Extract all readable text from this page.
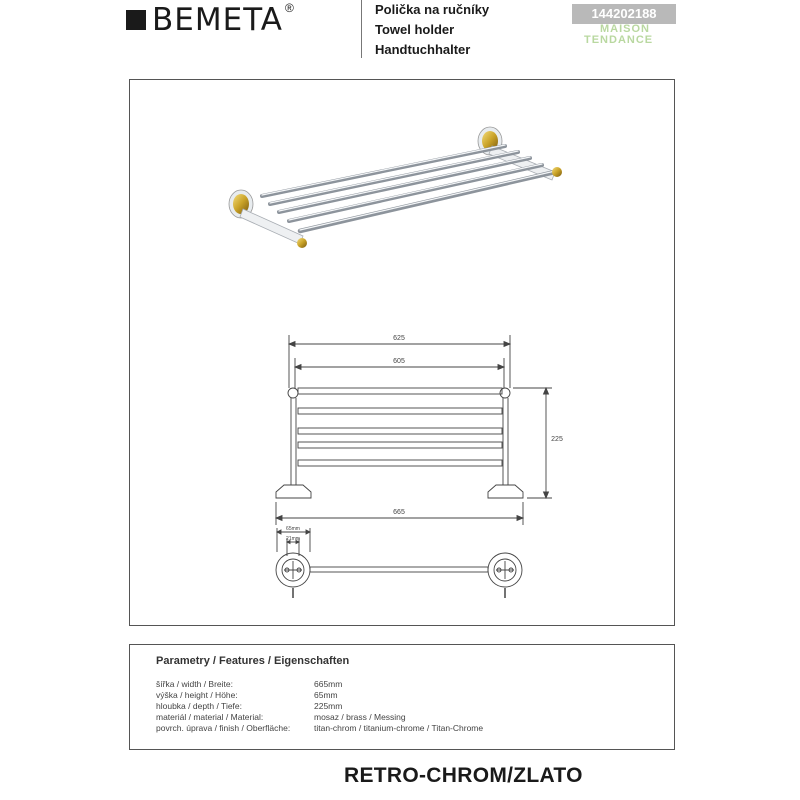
BEMETA ®	Polička na ručníky
Towel holder
Handtuchhalter
144202188
MAISON
TENDANCE
625
605
225
665
65mm
21mm
Parametry / Features / Eigenschaften
šířka / width / Breite:	665mm
výška / height / Höhe:	65mm
hloubka / depth / Tiefe:	225mm
materiál / material / Material:	mosaz / brass / Messing
povrch. úprava / finish / Oberfläche:	titan-chrom / titanium-chrome / Titan-Chrome
RETRO-CHROM/ZLATO
